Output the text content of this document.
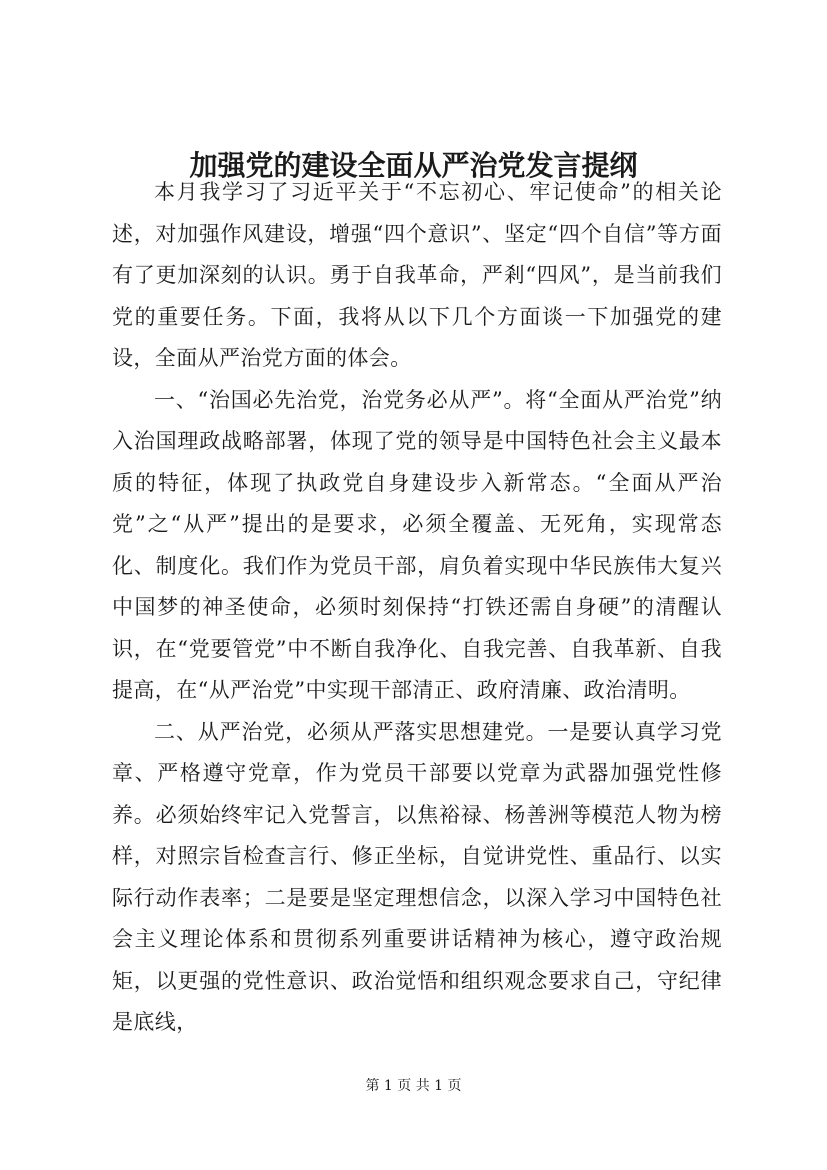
加强党的建设全面从严治党发言提纲

本月我学习了习近平关于“不忘初心、牢记使命”的相关论述，对加强作风建设，增强“四个意识”、坚定“四个自信”等方面有了更加深刻的认识。勇于自我革命，严剎“四风”，是当前我们党的重要任务。下面，我将从以下几个方面谈一下加强党的建设，全面从严治党方面的体会。

一、“治国必先治党，治党务必从严”。将“全面从严治党”纳入治国理政战略部署，体现了党的领导是中国特色社会主义最本质的特征，体现了执政党自身建设步入新常态。“全面从严治党”之“从严”提出的是要求，必须全覆盖、无死角，实现常态化、制度化。我们作为党员干部，肩负着实现中华民族伟大复兴中国梦的神圣使命，必须时刻保持“打铁还需自身硬”的清醒认识，在“党要管党”中不断自我净化、自我完善、自我革新、自我提高，在“从严治党”中实现干部清正、政府清廉、政治清明。

二、从严治党，必须从严落实思想建党。一是要认真学习党章、严格遵守党章，作为党员干部要以党章为武器加强党性修养。必须始终牢记入党誓言，以焦裕禄、杨善洲等模范人物为榜样，对照宗旨检查言行、修正坐标，自觉讲党性、重品行、以实际行动作表率；二是要是坚定理想信念，以深入学习中国特色社会主义理论体系和贯彻系列重要讲话精神为核心，遵守政治规矩，以更强的党性意识、政治觉悟和组织观念要求自己，守纪律是底线，

第 1 页 共 1 页
